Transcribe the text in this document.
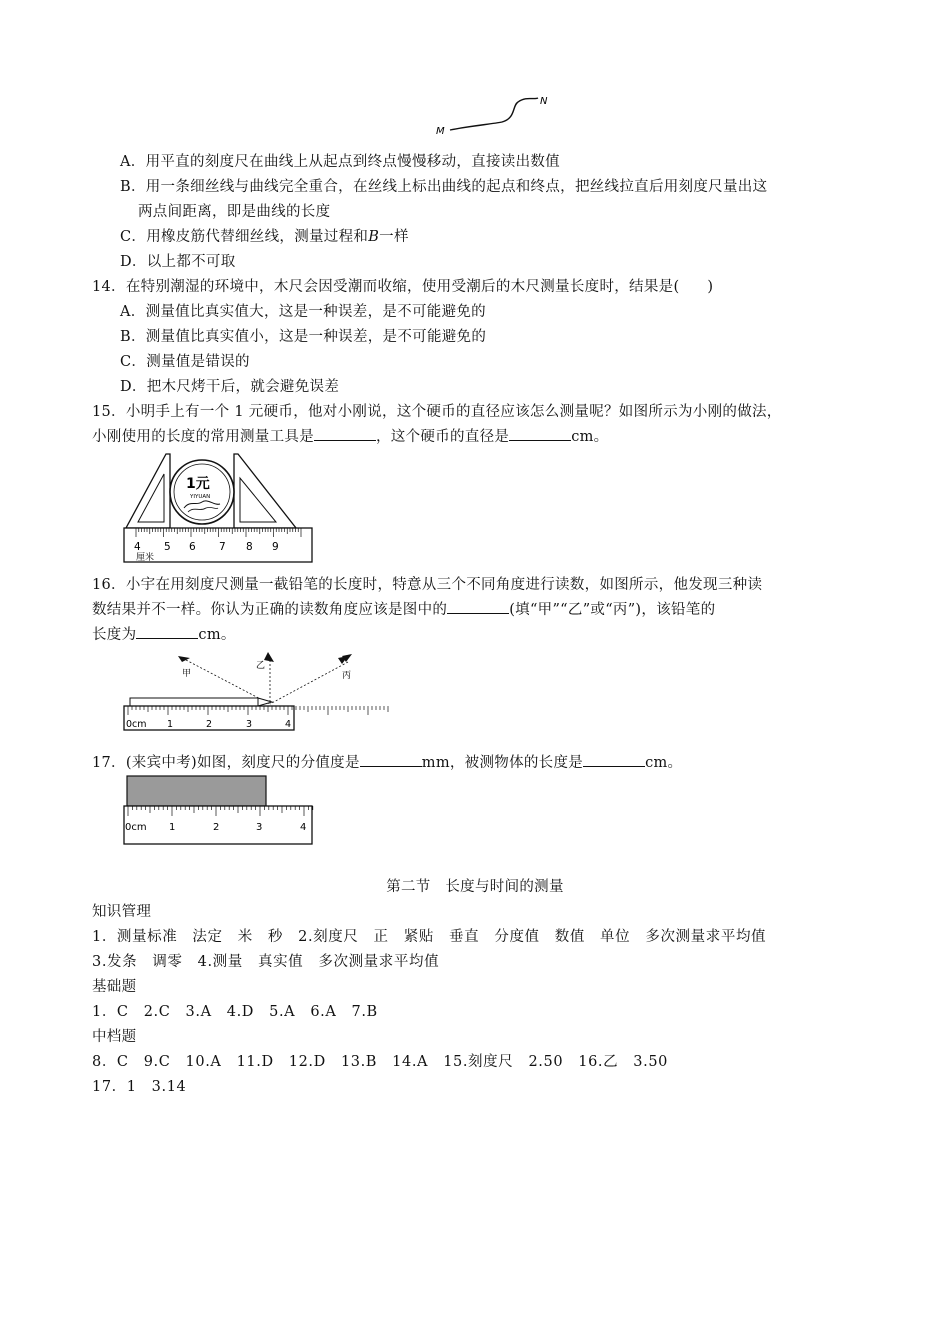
M
N
A．用平直的刻度尺在曲线上从起点到终点慢慢移动，直接读出数值
B．用一条细丝线与曲线完全重合，在丝线上标出曲线的起点和终点，把丝线拉直后用刻度尺量出这
两点间距离，即是曲线的长度
C．用橡皮筋代替细丝线，测量过程和B一样
D．以上都不可取
14．在特别潮湿的环境中，木尺会因受潮而收缩，使用受潮后的木尺测量长度时，结果是( )
A．测量值比真实值大，这是一种误差，是不可能避免的
B．测量值比真实值小，这是一种误差，是不可能避免的
C．测量值是错误的
D．把木尺烤干后，就会避免误差
15．小明手上有一个 1 元硬币，他对小刚说，这个硬币的直径应该怎么测量呢？如图所示为小刚的做法，
小刚使用的长度的常用测量工具是	，这个硬币的直径是	cm。
1元
YIYUAN
4 5 6 7 8 9
厘米
16．小宇在用刻度尺测量一截铅笔的长度时，特意从三个不同角度进行读数，如图所示，他发现三种读
数结果并不一样。你认为正确的读数角度应该是图中的	(填“甲”“乙”或“丙”)，该铅笔的
长度为	cm。
甲
乙
丙
0cm 1	2	3	4
17．(来宾中考)如图，刻度尺的分值度是	mm，被测物体的长度是	cm。
0cm 1	2	3	4
第二节　长度与时间的测量
知识管理
1．测量标准　法定　米　秒　2.刻度尺　正　紧贴　垂直　分度值　数值　单位　多次测量求平均值
3.发条　调零　4.测量　真实值　多次测量求平均值
基础题
1．C　2.C　3.A　4.D　5.A　6.A　7.B
中档题
8．C　9.C　10.A　11.D　12.D　13.B　14.A　15.刻度尺　2.50　16.乙　3.50
17．1　3.14
